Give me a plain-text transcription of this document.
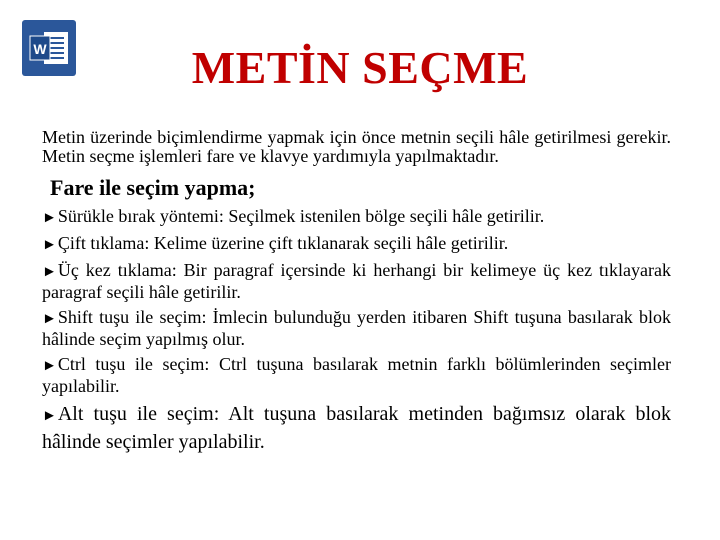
W	METİN SEÇME

Metin üzerinde biçimlendirme yapmak için önce metnin seçili hâle getirilmesi gerekir. Metin seçme işlemleri fare ve klavye yardımıyla yapılmaktadır.

Fare ile seçim yapma;
►Sürükle bırak yöntemi: Seçilmek istenilen bölge seçili hâle getirilir.
►Çift tıklama: Kelime üzerine çift tıklanarak seçili hâle getirilir.
►Üç kez tıklama: Bir paragraf içersinde ki herhangi bir kelimeye üç kez tıklayarak paragraf seçili hâle getirilir.
►Shift tuşu ile seçim: İmlecin bulunduğu yerden itibaren Shift tuşuna basılarak blok hâlinde seçim yapılmış olur.
►Ctrl tuşu ile seçim: Ctrl tuşuna basılarak metnin farklı bölümlerinden seçimler yapılabilir.
►Alt tuşu ile seçim: Alt tuşuna basılarak metinden bağımsız olarak blok hâlinde seçimler yapılabilir.
